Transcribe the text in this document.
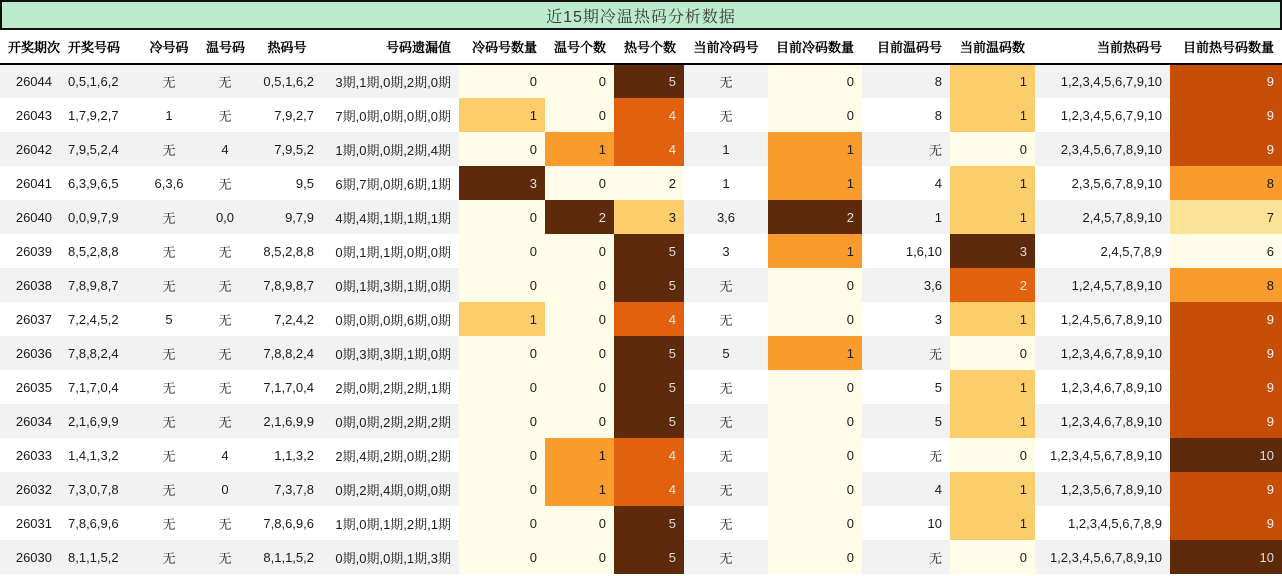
近15期冷温热码分析数据
开奖期次	开奖号码	冷号码	温号码	热码号	号码遗漏值	冷码号数量	温号个数	热号个数	当前冷码号	目前冷码数量	目前温码号	当前温码数	当前热码号	目前热号码数量
26044	0,5,1,6,2	无	无	0,5,1,6,2	3期,1期,0期,2期,0期	0	0	5	无	0	8	1	1,2,3,4,5,6,7,9,10	9
26043	1,7,9,2,7	1	无	7,9,2,7	7期,0期,0期,0期,0期	1	0	4	无	0	8	1	1,2,3,4,5,6,7,9,10	9
26042	7,9,5,2,4	无	4	7,9,5,2	1期,0期,0期,2期,4期	0	1	4	1	1	无	0	2,3,4,5,6,7,8,9,10	9
26041	6,3,9,6,5	6,3,6	无	9,5	6期,7期,0期,6期,1期	3	0	2	1	1	4	1	2,3,5,6,7,8,9,10	8
26040	0,0,9,7,9	无	0,0	9,7,9	4期,4期,1期,1期,1期	0	2	3	3,6	2	1	1	2,4,5,7,8,9,10	7
26039	8,5,2,8,8	无	无	8,5,2,8,8	0期,1期,1期,0期,0期	0	0	5	3	1	1,6,10	3	2,4,5,7,8,9	6
26038	7,8,9,8,7	无	无	7,8,9,8,7	0期,1期,3期,1期,0期	0	0	5	无	0	3,6	2	1,2,4,5,7,8,9,10	8
26037	7,2,4,5,2	5	无	7,2,4,2	0期,0期,0期,6期,0期	1	0	4	无	0	3	1	1,2,4,5,6,7,8,9,10	9
26036	7,8,8,2,4	无	无	7,8,8,2,4	0期,3期,3期,1期,0期	0	0	5	5	1	无	0	1,2,3,4,6,7,8,9,10	9
26035	7,1,7,0,4	无	无	7,1,7,0,4	2期,0期,2期,2期,1期	0	0	5	无	0	5	1	1,2,3,4,6,7,8,9,10	9
26034	2,1,6,9,9	无	无	2,1,6,9,9	0期,0期,2期,2期,2期	0	0	5	无	0	5	1	1,2,3,4,6,7,8,9,10	9
26033	1,4,1,3,2	无	4	1,1,3,2	2期,4期,2期,0期,2期	0	1	4	无	0	无	0	1,2,3,4,5,6,7,8,9,10	10
26032	7,3,0,7,8	无	0	7,3,7,8	0期,2期,4期,0期,0期	0	1	4	无	0	4	1	1,2,3,5,6,7,8,9,10	9
26031	7,8,6,9,6	无	无	7,8,6,9,6	1期,0期,1期,2期,1期	0	0	5	无	0	10	1	1,2,3,4,5,6,7,8,9	9
26030	8,1,1,5,2	无	无	8,1,1,5,2	0期,0期,0期,1期,3期	0	0	5	无	0	无	0	1,2,3,4,5,6,7,8,9,10	10
